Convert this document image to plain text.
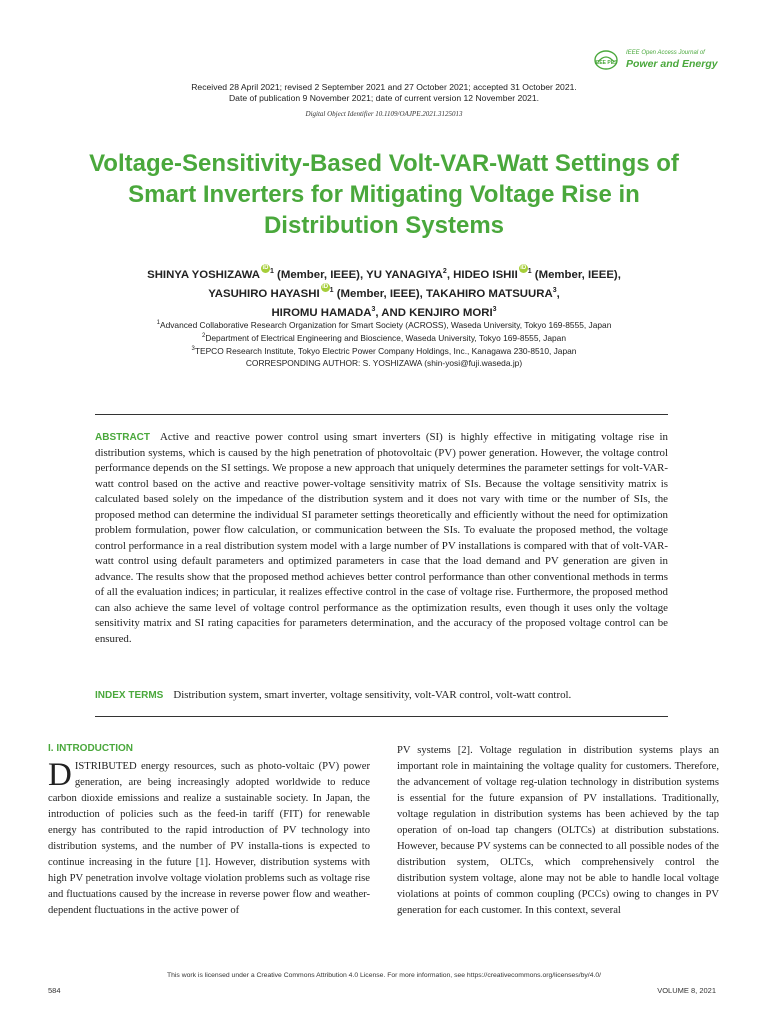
IEEE PES
IEEE Open Access Journal of
Power and Energy
Received 28 April 2021; revised 2 September 2021 and 27 October 2021; accepted 31 October 2021.
Date of publication 9 November 2021; date of current version 12 November 2021.
Digital Object Identifier 10.1109/OAJPE.2021.3125013
Voltage-Sensitivity-Based Volt-VAR-Watt Settings of Smart Inverters for Mitigating Voltage Rise in Distribution Systems
SHINYA YOSHIZAWAiD $^1$ (Member, IEEE), YU YANAGIYA$^2$, HIDEO ISHIIiD $^1$ (Member, IEEE),
YASUHIRO HAYASHIiD $^1$ (Member, IEEE), TAKAHIRO MATSUURA$^3$,
HIROMU HAMADA$^3$, AND KENJIRO MORI$^3$
$^1$Advanced Collaborative Research Organization for Smart Society (ACROSS), Waseda University, Tokyo 169-8555, Japan
$^2$Department of Electrical Engineering and Bioscience, Waseda University, Tokyo 169-8555, Japan
$^3$TEPCO Research Institute, Tokyo Electric Power Company Holdings, Inc., Kanagawa 230-8510, Japan
CORRESPONDING AUTHOR: S. YOSHIZAWA (shin-yosi@fuji.waseda.jp)
ABSTRACT Active and reactive power control using smart inverters (SI) is highly effective in mitigating voltage rise in distribution systems, which is caused by the high penetration of photovoltaic (PV) power generation. However, the voltage control performance depends on the SI settings. We propose a new approach that uniquely determines the parameter settings for volt-VAR-watt control based on the active and reactive power-voltage sensitivity matrix of SIs. Because the voltage sensitivity matrix is calculated based solely on the impedance of the distribution system and it does not vary with time or the number of SIs, the proposed method can determine the individual SI parameter settings theoretically and efficiently without the need for optimization problem formulation, power flow calculation, or communication between the SIs. To evaluate the proposed method, the voltage control performance in a real distribution system model with a large number of PV installations is compared with that of volt-VAR-watt control using default parameters and optimized parameters in case that the load demand and PV generation are given in advance. The results show that the proposed method achieves better control performance than other conventional methods in terms of all the evaluation indices; in particular, it realizes effective control in the case of voltage rise. Furthermore, the proposed method can also achieve the same level of voltage control performance as the optimization results, even though it uses only the voltage sensitivity matrix and SI rating capacities for parameters determination, and the accuracy of the proposed voltage control can be ensured.
INDEX TERMS Distribution system, smart inverter, voltage sensitivity, volt-VAR control, volt-watt control.
I. INTRODUCTION
DISTRIBUTED energy resources, such as photo-voltaic (PV) power generation, are being increasingly adopted worldwide to reduce carbon dioxide emissions and realize a sustainable society. In Japan, the introduction of policies such as the feed-in tariff (FIT) for renewable energy has contributed to the rapid introduction of PV technology into distribution systems, and the number of PV installa-tions is expected to continue increasing in the future [1]. However, distribution systems with high PV penetration involve voltage violation problems such as voltage rise and fluctuations caused by the increase in reverse power flow and weather-dependent fluctuations in the active power of
PV systems [2]. Voltage regulation in distribution systems plays an important role in maintaining the voltage quality for customers. Therefore, the advancement of voltage reg-ulation technology in distribution systems is essential for the future expansion of PV installations. Traditionally, voltage regulation in distribution systems has been achieved by the tap operation of on-load tap changers (OLTCs) at distribution substations. However, because PV systems can be connected to all possible nodes of the distribution system, OLTCs, which comprehensively control the distribution system voltage, alone may not be able to handle local voltage violations at points of common coupling (PCCs) owing to changes in PV generation for each customer. In this context, several
This work is licensed under a Creative Commons Attribution 4.0 License. For more information, see https://creativecommons.org/licenses/by/4.0/
584	VOLUME 8, 2021
